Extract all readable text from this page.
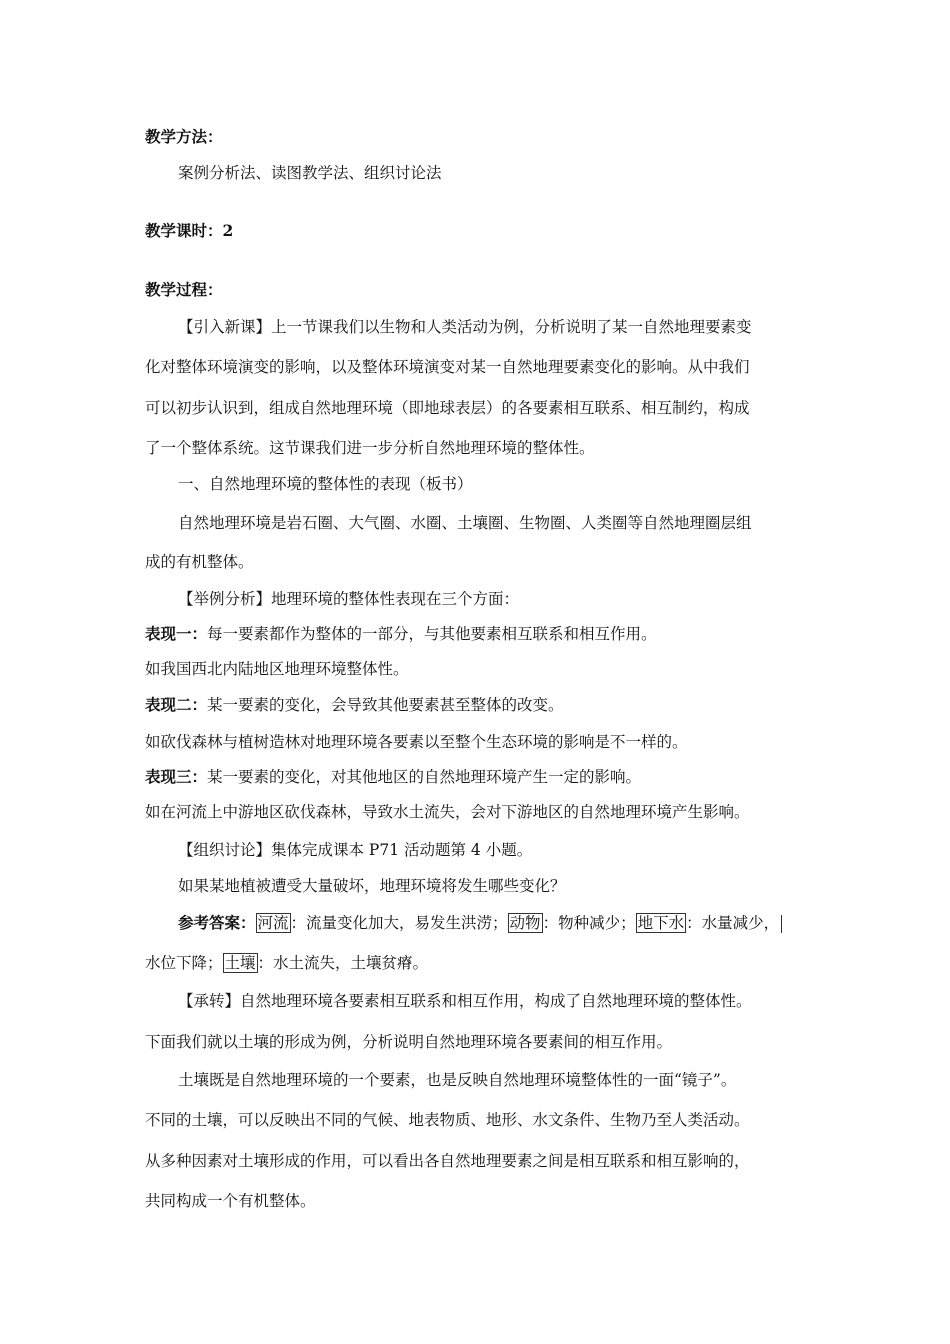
教学方法：
案例分析法、读图教学法、组织讨论法
教学课时：2
教学过程：
【引入新课】上一节课我们以生物和人类活动为例，分析说明了某一自然地理要素变
化对整体环境演变的影响，以及整体环境演变对某一自然地理要素变化的影响。从中我们
可以初步认识到，组成自然地理环境（即地球表层）的各要素相互联系、相互制约，构成
了一个整体系统。这节课我们进一步分析自然地理环境的整体性。
一、自然地理环境的整体性的表现（板书）
自然地理环境是岩石圈、大气圈、水圈、土壤圈、生物圈、人类圈等自然地理圈层组
成的有机整体。
【举例分析】地理环境的整体性表现在三个方面：
表现一：每一要素都作为整体的一部分，与其他要素相互联系和相互作用。
如我国西北内陆地区地理环境整体性。
表现二：某一要素的变化，会导致其他要素甚至整体的改变。
如砍伐森林与植树造林对地理环境各要素以至整个生态环境的影响是不一样的。
表现三：某一要素的变化，对其他地区的自然地理环境产生一定的影响。
如在河流上中游地区砍伐森林，导致水土流失，会对下游地区的自然地理环境产生影响。
【组织讨论】集体完成课本 P71 活动题第 4 小题。
如果某地植被遭受大量破坏，地理环境将发生哪些变化？
参考答案： 河流 ：流量变化加大，易发生洪涝； 动物 ：物种减少； 地下水 ：水量减少，
水位下降； 土壤 ：水土流失，土壤贫瘠。
【承转】自然地理环境各要素相互联系和相互作用，构成了自然地理环境的整体性。
下面我们就以土壤的形成为例，分析说明自然地理环境各要素间的相互作用。
土壤既是自然地理环境的一个要素，也是反映自然地理环境整体性的一面“镜子”。
不同的土壤，可以反映出不同的气候、地表物质、地形、水文条件、生物乃至人类活动。
从多种因素对土壤形成的作用，可以看出各自然地理要素之间是相互联系和相互影响的，
共同构成一个有机整体。
